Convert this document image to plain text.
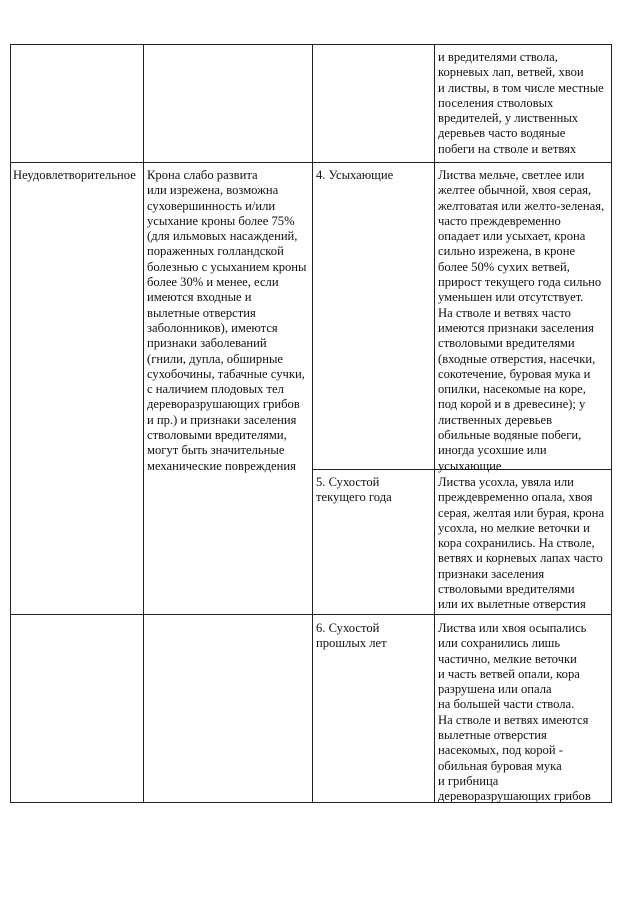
и вредителями ствола,
корневых лап, ветвей, хвои
и листвы, в том числе местные
поселения стволовых
вредителей, у лиственных
деревьев часто водяные
побеги на стволе и ветвях
Неудовлетворительное Крона слабо развита
или изрежена, возможна
суховершинность и/или
усыхание кроны более 75%
(для ильмовых насаждений,
пораженных голландской
болезнью с усыханием кроны
более 30% и менее, если
имеются входные и
вылетные отверстия
заболонников), имеются
признаки заболеваний
(гнили, дупла, обширные
сухобочины, табачные сучки,
с наличием плодовых тел
дереворазрушающих грибов
и пр.) и признаки заселения
стволовыми вредителями,
могут быть значительные
механические повреждения
4. Усыхающие	Листва мельче, светлее или
желтее обычной, хвоя серая,
желтоватая или желто-зеленая,
часто преждевременно
опадает или усыхает, крона
сильно изрежена, в кроне
более 50% сухих ветвей,
прирост текущего года сильно
уменьшен или отсутствует.
На стволе и ветвях часто
имеются признаки заселения
стволовыми вредителями
(входные отверстия, насечки,
сокотечение, буровая мука и
опилки, насекомые на коре,
под корой и в древесине); у
лиственных деревьев
обильные водяные побеги,
иногда усохшие или
усыхающие
5. Сухостой
текущего года
Листва усохла, увяла или
преждевременно опала, хвоя
серая, желтая или бурая, крона
усохла, но мелкие веточки и
кора сохранились. На стволе,
ветвях и корневых лапах часто
признаки заселения
стволовыми вредителями
или их вылетные отверстия
6. Сухостой
прошлых лет
Листва или хвоя осыпались
или сохранились лишь
частично, мелкие веточки
и часть ветвей опали, кора
разрушена или опала
на большей части ствола.
На стволе и ветвях имеются
вылетные отверстия
насекомых, под корой -
обильная буровая мука
и грибница
дереворазрушающих грибов
